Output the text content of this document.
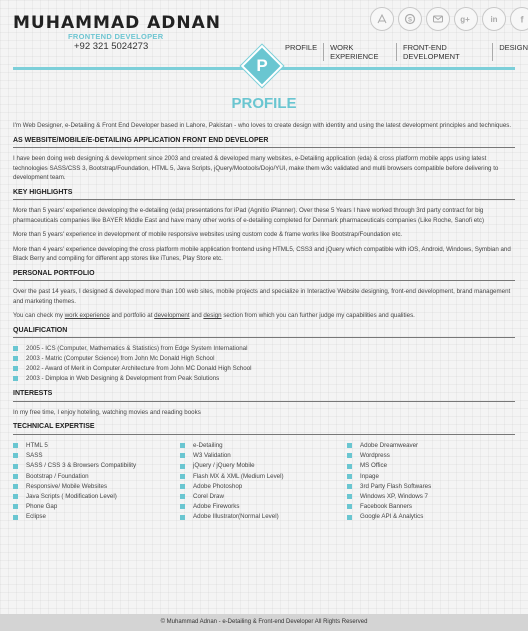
MUHAMMAD ADNAN
FRONTEND DEVELOPER
+92 321 5024273
S	g+	in	f
PROFILE	WORK EXPERIENCE
FRONT-END DEVELOPMENT
DESIGN
P
PROFILE

I'm Web Designer, e-Detailing & Front End Developer based in Lahore, Pakistan - who loves to create design with identity and using the latest development principles and techniques.

AS WEBSITE/MOBILE/E-DETAILING APPLICATION FRONT END DEVELOPER

I have been doing web designing & development since 2003 and created & developed many websites, e-Detailing application (eda) & cross platform mobile apps using latest technologies SASS/CSS 3, Bootstrap/Foundation, HTML 5, Java Scripts, jQuery/Mootools/Dojo/YUI, make them w3c validated and multi browsers compatible before delivering to development team.

KEY HIGHLIGHTS

More than 5 years' experience developing the e-detailing (eda) presentations for iPad (Agnitio iPlanner). Over these 5 Years I have worked through 3rd party contract for big pharmaceuticals companies like BAYER Middle East and have many other works of e-detailing completed for Denmark pharmaceuticals companies (Like Roche, Sanofi etc)

More than 5 years' experience in development of mobile responsive websites using custom code & frame works like Bootstrap/Foundation etc.

More than 4 years' experience developing the cross platform mobile application frontend using HTML5, CSS3 and jQuery which compatible with iOS, Android, Windows, Symbian and Black Berry and compiling for different app stores like iTunes, Play Store etc.

PERSONAL PORTFOLIO

Over the past 14 years, I designed & developed more than 100 web sites, mobile projects and specialize in Interactive Website designing, front-end development, brand management and marketing themes.

You can check my work experience and portfolio at development and design section from which you can further judge my capabilities and qualities.

QUALIFICATION
2005 - ICS (Computer, Mathematics & Statistics) from Edge System International
2003 - Matric (Computer Science) from John Mc Donald High School
2002 - Award of Merit in Computer Architecture from John MC Donald High School
2003 - Dimploa in Web Designing & Development from Peak Solutions
INTERESTS

In my free time, I enjoy hoteling, watching movies and reading books

TECHNICAL EXPERTISE
HTML 5
SASS
SASS / CSS 3 & Browsers Compatibility
Bootstrap / Foundation
Responsive/ Mobile Websites
Java Scripts ( Modification Level)
Phone Gap
Eclipse
e-Detailing
W3 Validation
jQuery / jQuery Mobile
Flash MX & XML (Medium Level)
Adobe Photoshop
Corel Draw
Adobe Fireworks
Adobe Illustrator(Normal Level)
Adobe Dreamweaver
Wordpress
MS Office
Inpage
3rd Party Flash Softwares
Windows XP, Windows 7
Facebook Banners
Google API & Analytics
© Muhammad Adnan - e-Detailing & Front-end Developer All Rights Reserved
